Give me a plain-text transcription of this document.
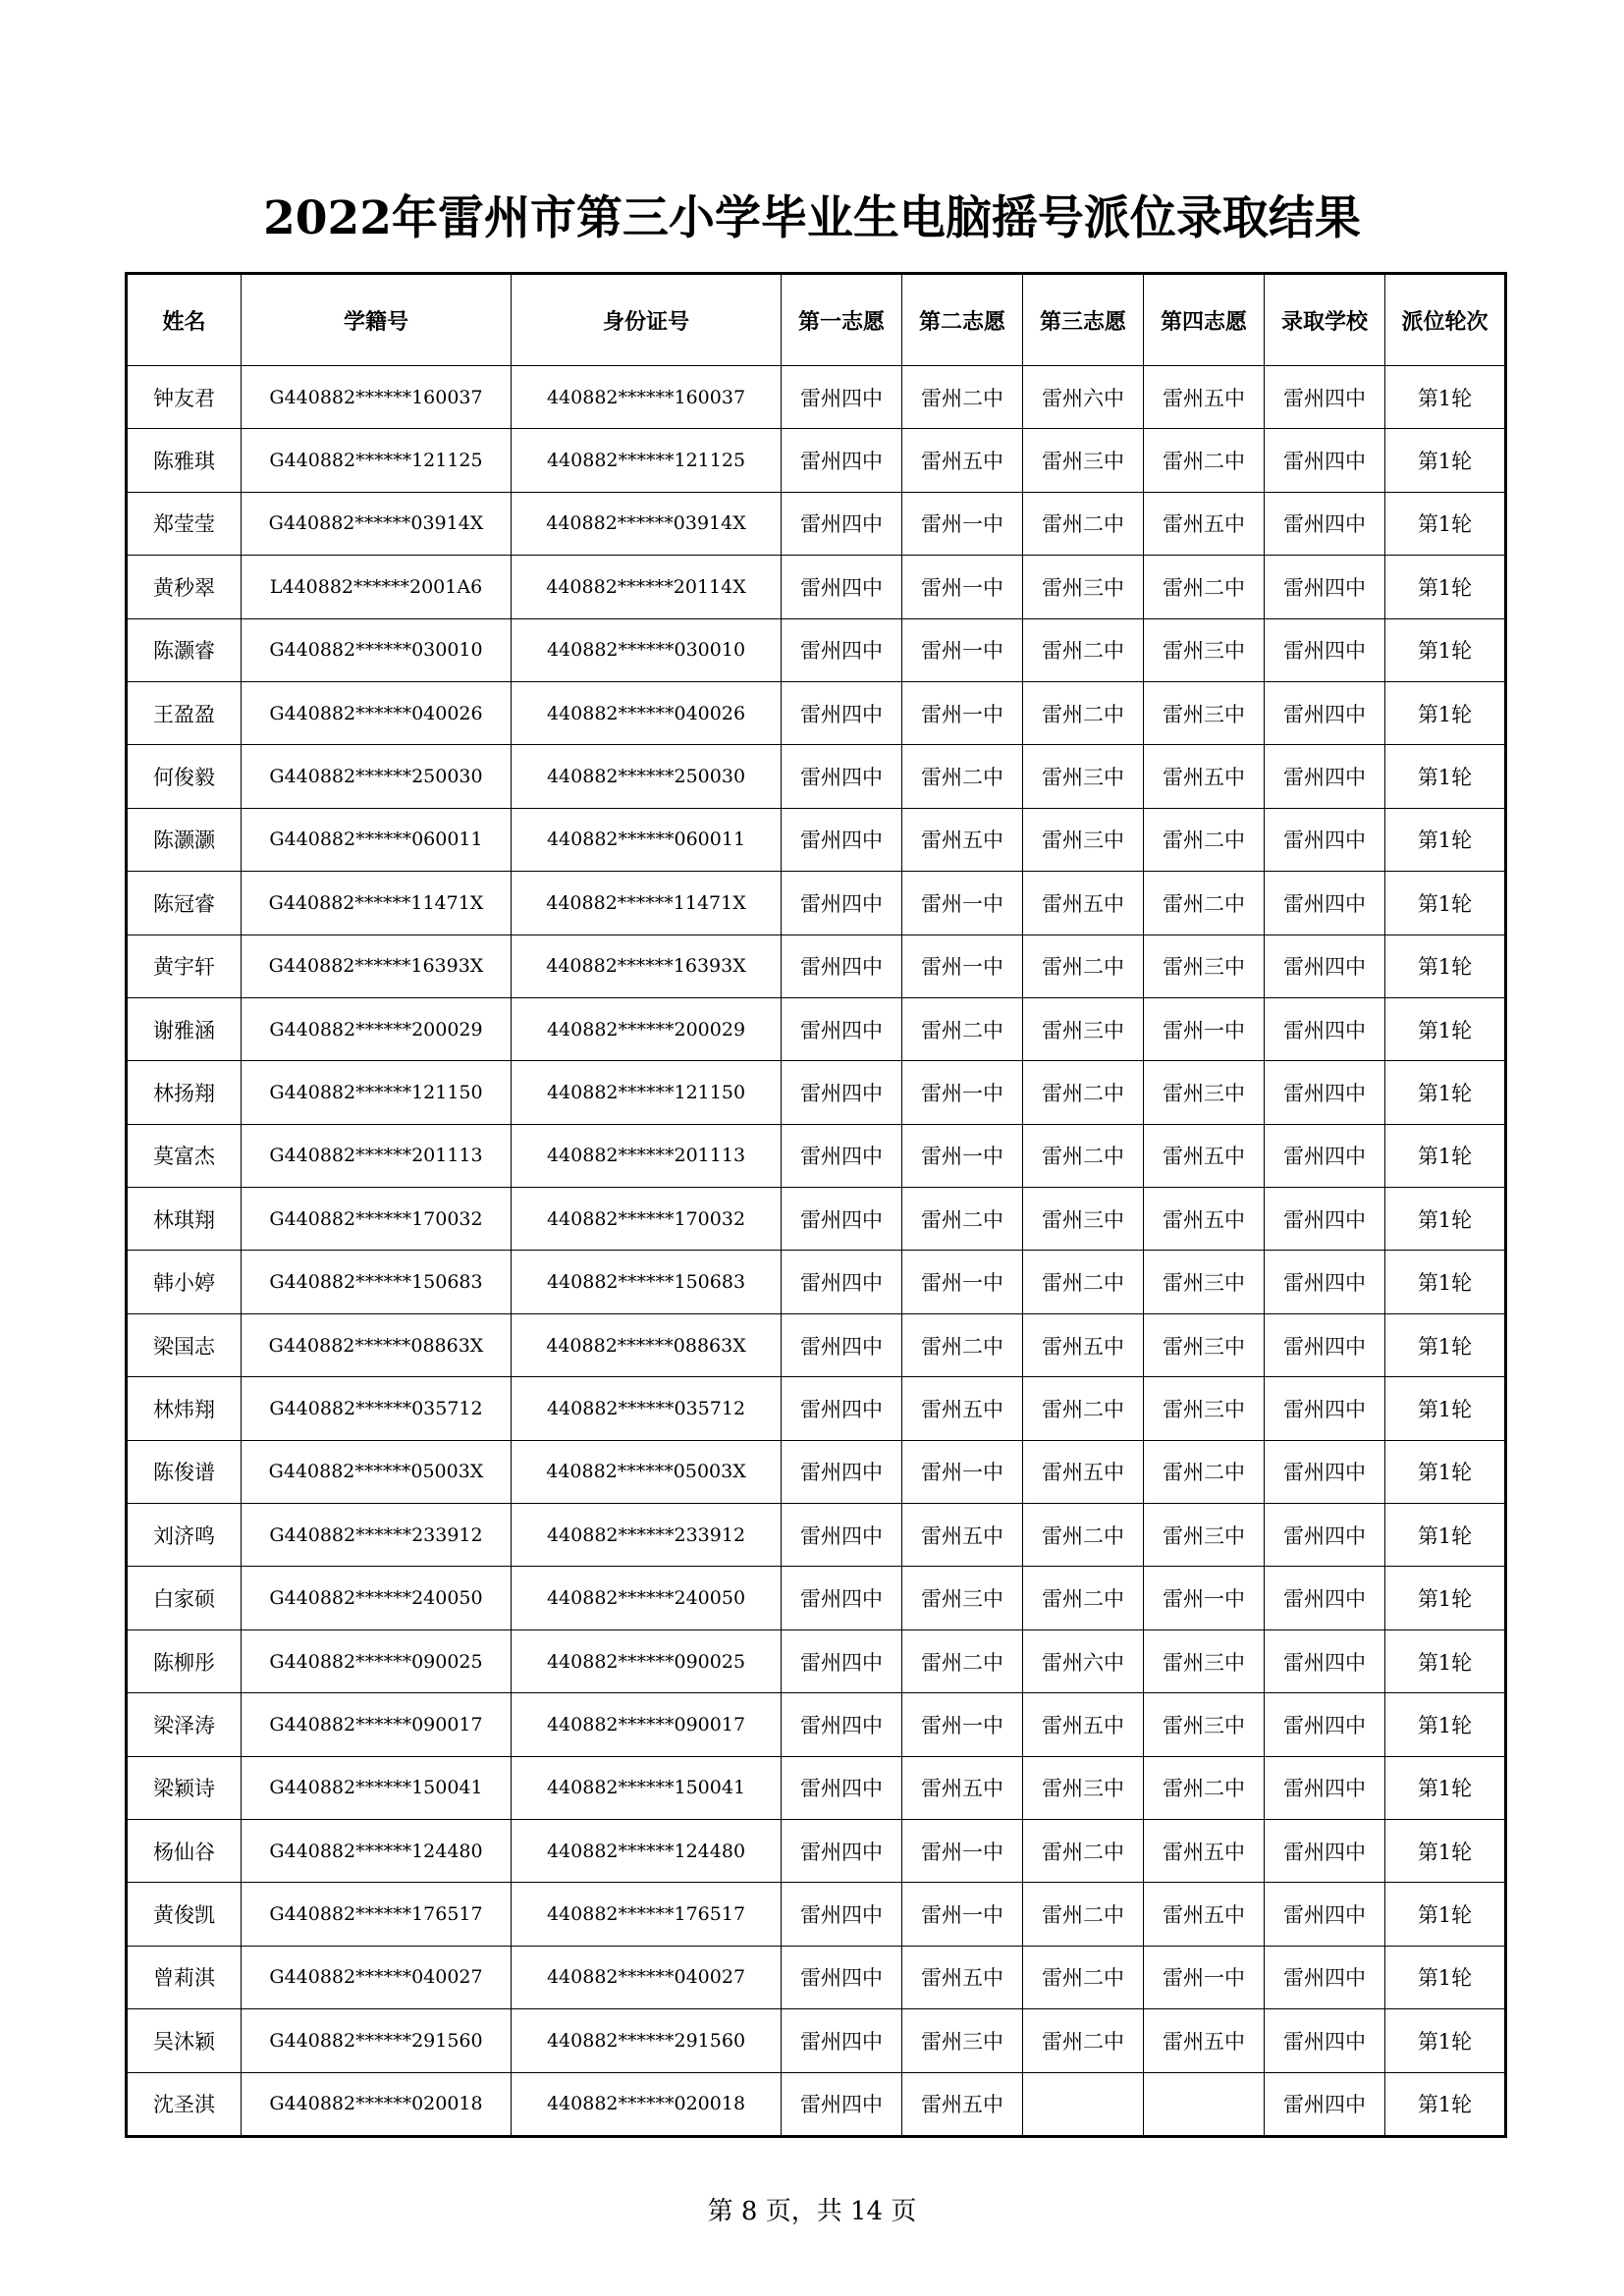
2022年雷州市第三小学毕业生电脑摇号派位录取结果
姓名	学籍号	身份证号	第一志愿	第二志愿	第三志愿	第四志愿	录取学校	派位轮次
钟友君	G440882******160037	440882******160037	雷州四中	雷州二中	雷州六中	雷州五中	雷州四中	第1轮
陈雅琪	G440882******121125	440882******121125	雷州四中	雷州五中	雷州三中	雷州二中	雷州四中	第1轮
郑莹莹	G440882******03914X	440882******03914X	雷州四中	雷州一中	雷州二中	雷州五中	雷州四中	第1轮
黄秒翠	L440882******2001A6	440882******20114X	雷州四中	雷州一中	雷州三中	雷州二中	雷州四中	第1轮
陈灏睿	G440882******030010	440882******030010	雷州四中	雷州一中	雷州二中	雷州三中	雷州四中	第1轮
王盈盈	G440882******040026	440882******040026	雷州四中	雷州一中	雷州二中	雷州三中	雷州四中	第1轮
何俊毅	G440882******250030	440882******250030	雷州四中	雷州二中	雷州三中	雷州五中	雷州四中	第1轮
陈灏灏	G440882******060011	440882******060011	雷州四中	雷州五中	雷州三中	雷州二中	雷州四中	第1轮
陈冠睿	G440882******11471X	440882******11471X	雷州四中	雷州一中	雷州五中	雷州二中	雷州四中	第1轮
黄宇轩	G440882******16393X	440882******16393X	雷州四中	雷州一中	雷州二中	雷州三中	雷州四中	第1轮
谢雅涵	G440882******200029	440882******200029	雷州四中	雷州二中	雷州三中	雷州一中	雷州四中	第1轮
林扬翔	G440882******121150	440882******121150	雷州四中	雷州一中	雷州二中	雷州三中	雷州四中	第1轮
莫富杰	G440882******201113	440882******201113	雷州四中	雷州一中	雷州二中	雷州五中	雷州四中	第1轮
林琪翔	G440882******170032	440882******170032	雷州四中	雷州二中	雷州三中	雷州五中	雷州四中	第1轮
韩小婷	G440882******150683	440882******150683	雷州四中	雷州一中	雷州二中	雷州三中	雷州四中	第1轮
梁国志	G440882******08863X	440882******08863X	雷州四中	雷州二中	雷州五中	雷州三中	雷州四中	第1轮
林炜翔	G440882******035712	440882******035712	雷州四中	雷州五中	雷州二中	雷州三中	雷州四中	第1轮
陈俊谱	G440882******05003X	440882******05003X	雷州四中	雷州一中	雷州五中	雷州二中	雷州四中	第1轮
刘济鸣	G440882******233912	440882******233912	雷州四中	雷州五中	雷州二中	雷州三中	雷州四中	第1轮
白家硕	G440882******240050	440882******240050	雷州四中	雷州三中	雷州二中	雷州一中	雷州四中	第1轮
陈柳彤	G440882******090025	440882******090025	雷州四中	雷州二中	雷州六中	雷州三中	雷州四中	第1轮
梁泽涛	G440882******090017	440882******090017	雷州四中	雷州一中	雷州五中	雷州三中	雷州四中	第1轮
梁颖诗	G440882******150041	440882******150041	雷州四中	雷州五中	雷州三中	雷州二中	雷州四中	第1轮
杨仙谷	G440882******124480	440882******124480	雷州四中	雷州一中	雷州二中	雷州五中	雷州四中	第1轮
黄俊凯	G440882******176517	440882******176517	雷州四中	雷州一中	雷州二中	雷州五中	雷州四中	第1轮
曾莉淇	G440882******040027	440882******040027	雷州四中	雷州五中	雷州二中	雷州一中	雷州四中	第1轮
吴沐颖	G440882******291560	440882******291560	雷州四中	雷州三中	雷州二中	雷州五中	雷州四中	第1轮
沈圣淇	G440882******020018	440882******020018	雷州四中	雷州五中			雷州四中	第1轮
第 8 页，共 14 页
